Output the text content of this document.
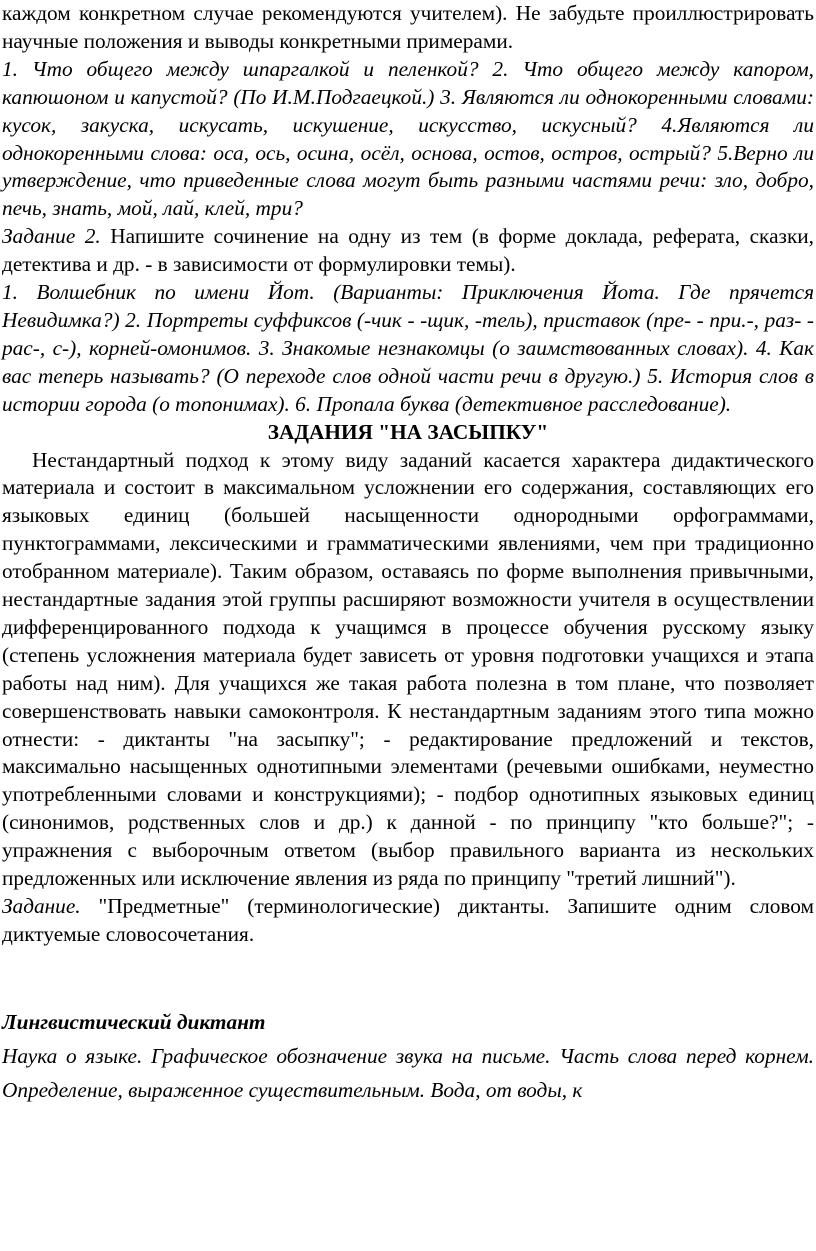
каждом конкретном случае рекомендуются учителем). Не забудьте проиллюстрировать научные положения и выводы конкретными примерами.

1. Что общего между шпаргалкой и пеленкой? 2. Что общего между капором, капюшоном и капустой? (По И.М.Подгаецкой.) 3. Являются ли однокоренными словами: кусок, закуска, искусать, искушение, искусство, искусный? 4.Являются ли однокоренными слова: оса, ось, осина, осёл, основа, остов, остров, острый? 5.Верно ли утверждение, что приведенные слова могут быть разными частями речи: зло, добро, печь, знать, мой, лай, клей, три?

Задание 2. Напишите сочинение на одну из тем (в форме доклада, реферата, сказки, детектива и др. - в зависимости от формулировки темы).

1. Волшебник по имени Йот. (Варианты: Приключения Йота. Где прячется Невидимка?) 2. Портреты суффиксов (-чик - -щик, -тель), приставок (пре- - при.-, раз- - рас-, с-), корней-омонимов. 3. Знакомые незнакомцы (о заимствованных словах). 4. Как вас теперь называть? (О переходе слов одной части речи в другую.) 5. История слов в истории города (о топонимах). 6. Пропала буква (детективное расследование).

ЗАДАНИЯ "НА ЗАСЫПКУ"

Нестандартный подход к этому виду заданий касается характера дидактического материала и состоит в максимальном усложнении его содержания, составляющих его языковых единиц (большей насыщенности однородными орфограммами, пунктограммами, лексическими и грамматическими явлениями, чем при традиционно отобранном материале). Таким образом, оставаясь по форме выполнения привычными, нестандартные задания этой группы расширяют возможности учителя в осуществлении дифференцированного подхода к учащимся в процессе обучения русскому языку (степень усложнения материала будет зависеть от уровня подготовки учащихся и этапа работы над ним). Для учащихся же такая работа полезна в том плане, что позволяет совершенствовать навыки самоконтроля. К нестандартным заданиям этого типа можно отнести: - диктанты "на засыпку"; - редактирование предложений и текстов, максимально насыщенных однотипными элементами (речевыми ошибками, неуместно употребленными словами и конструкциями); - подбор однотипных языковых единиц (синонимов, родственных слов и др.) к данной - по принципу "кто больше?"; - упражнения с выборочным ответом (выбор правильного варианта из нескольких предложенных или исключение явления из ряда по принципу "третий лишний").

Задание. "Предметные" (терминологические) диктанты. Запишите одним словом диктуемые словосочетания.

Лингвистический диктант

Наука о языке. Графическое обозначение звука на письме. Часть слова перед корнем. Определение, выраженное существительным. Вода, от воды, к
